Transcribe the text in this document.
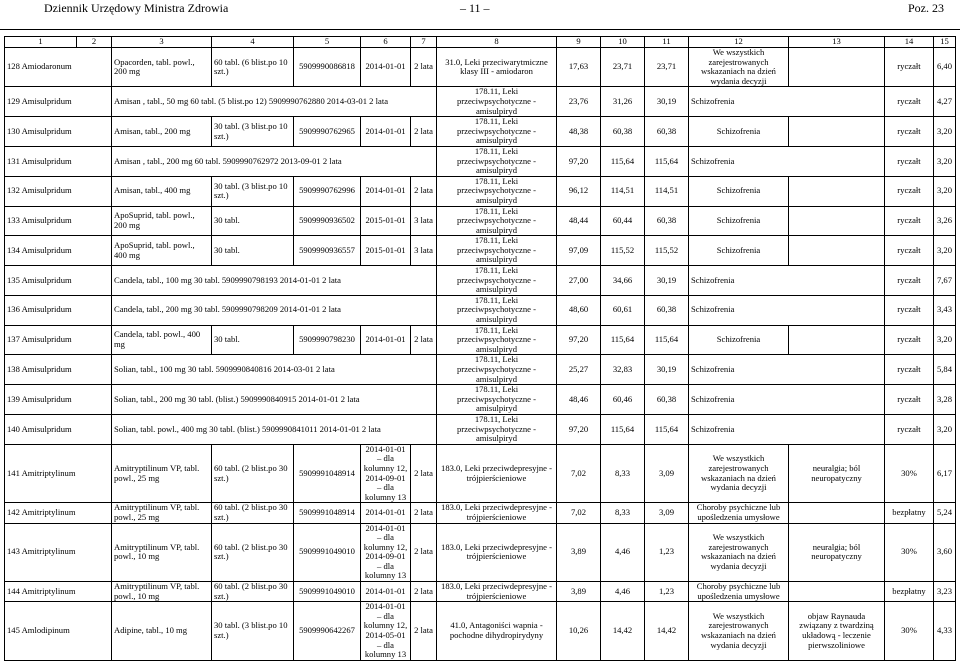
Dziennik Urzędowy Ministra Zdrowia	– 11 –	Poz. 23
1	2	3	4	5	6	7	8	9	10	11	12	13	14	15
128 Amiodaronum		Opacorden, tabl. powl., 200 mg	60 tabl. (6 blist.po 10 szt.)	5909990086818	2014-01-01	2 lata	31.0, Leki przeciwarytmiczne klasy III - amiodaron	17,63	23,71	23,71	We wszystkich zarejestrowanych wskazaniach na dzień wydania decyzji		ryczałt	6,40
129 Amisulpridum		Amisan , tabl., 50 mg 60 tabl. (5 blist.po 12) 5909990762880 2014-03-01 2 lata					178.11, Leki przeciwpsychotyczne - amisulpiryd	23,76	31,26	30,19	Schizofrenia		ryczałt	4,27
130 Amisulpridum		Amisan, tabl., 200 mg	30 tabl. (3 blist.po 10 szt.)	5909990762965	2014-01-01	2 lata	178.11, Leki przeciwpsychotyczne - amisulpiryd	48,38	60,38	60,38	Schizofrenia		ryczałt	3,20
131 Amisulpridum		Amisan , tabl., 200 mg 60 tabl. 5909990762972 2013-09-01 2 lata					178.11, Leki przeciwpsychotyczne - amisulpiryd	97,20	115,64	115,64	Schizofrenia		ryczałt	3,20
132 Amisulpridum		Amisan, tabl., 400 mg	30 tabl. (3 blist.po 10 szt.)	5909990762996	2014-01-01	2 lata	178.11, Leki przeciwpsychotyczne - amisulpiryd	96,12	114,51	114,51	Schizofrenia		ryczałt	3,20
133 Amisulpridum		ApoSuprid, tabl. powl., 200 mg	30 tabl.	5909990936502	2015-01-01	3 lata	178.11, Leki przeciwpsychotyczne - amisulpiryd	48,44	60,44	60,38	Schizofrenia		ryczałt	3,26
134 Amisulpridum		ApoSuprid, tabl. powl., 400 mg	30 tabl.	5909990936557	2015-01-01	3 lata	178.11, Leki przeciwpsychotyczne - amisulpiryd	97,09	115,52	115,52	Schizofrenia		ryczałt	3,20
135 Amisulpridum		Candela, tabl., 100 mg 30 tabl. 5909990798193 2014-01-01 2 lata					178.11, Leki przeciwpsychotyczne - amisulpiryd	27,00	34,66	30,19	Schizofrenia		ryczałt	7,67
136 Amisulpridum		Candela, tabl., 200 mg 30 tabl. 5909990798209 2014-01-01 2 lata					178.11, Leki przeciwpsychotyczne - amisulpiryd	48,60	60,61	60,38	Schizofrenia		ryczałt	3,43
137 Amisulpridum		Candela, tabl. powl., 400 mg	30 tabl.	5909990798230	2014-01-01	2 lata	178.11, Leki przeciwpsychotyczne - amisulpiryd	97,20	115,64	115,64	Schizofrenia		ryczałt	3,20
138 Amisulpridum		Solian, tabl., 100 mg 30 tabl. 5909990840816 2014-03-01 2 lata					178.11, Leki przeciwpsychotyczne - amisulpiryd	25,27	32,83	30,19	Schizofrenia		ryczałt	5,84
139 Amisulpridum		Solian, tabl., 200 mg 30 tabl. (blist.) 5909990840915 2014-01-01 2 lata					178.11, Leki przeciwpsychotyczne - amisulpiryd	48,46	60,46	60,38	Schizofrenia		ryczałt	3,28
140 Amisulpridum		Solian, tabl. powl., 400 mg 30 tabl. (blist.) 5909990841011 2014-01-01 2 lata					178.11, Leki przeciwpsychotyczne - amisulpiryd	97,20	115,64	115,64	Schizofrenia		ryczałt	3,20
141 Amitriptylinum		Amitryptilinum VP, tabl. powl., 25 mg	60 tabl. (2 blist.po 30 szt.)	5909991048914	2014-01-01 – dla kolumny 12, 2014-09-01 – dla kolumny 13	2 lata	183.0, Leki przeciwdepresyjne - trójpierścieniowe	7,02	8,33	3,09	We wszystkich zarejestrowanych wskazaniach na dzień wydania decyzji	neuralgia; ból neuropatyczny	30%	6,17
142 Amitriptylinum		Amitryptilinum VP, tabl. powl., 25 mg	60 tabl. (2 blist.po 30 szt.)	5909991048914	2014-01-01	2 lata	183.0, Leki przeciwdepresyjne - trójpierścieniowe	7,02	8,33	3,09	Choroby psychiczne lub upośledzenia umysłowe		bezpłatny	5,24
143 Amitriptylinum		Amitryptilinum VP, tabl. powl., 10 mg	60 tabl. (2 blist.po 30 szt.)	5909991049010	2014-01-01 – dla kolumny 12, 2014-09-01 – dla kolumny 13	2 lata	183.0, Leki przeciwdepresyjne - trójpierścieniowe	3,89	4,46	1,23	We wszystkich zarejestrowanych wskazaniach na dzień wydania decyzji	neuralgia; ból neuropatyczny	30%	3,60
144 Amitriptylinum		Amitryptilinum VP, tabl. powl., 10 mg	60 tabl. (2 blist.po 30 szt.)	5909991049010	2014-01-01	2 lata	183.0, Leki przeciwdepresyjne - trójpierścieniowe	3,89	4,46	1,23	Choroby psychiczne lub upośledzenia umysłowe		bezpłatny	3,23
145 Amlodipinum		Adipine, tabl., 10 mg	30 tabl. (3 blist.po 10 szt.)	5909990642267	2014-01-01 – dla kolumny 12, 2014-05-01 – dla kolumny 13	2 lata	41.0, Antagoniści wapnia - pochodne dihydropirydyny	10,26	14,42	14,42	We wszystkich zarejestrowanych wskazaniach na dzień wydania decyzji	objaw Raynauda związany z twardziną układową - leczenie pierwszoliniowe	30%	4,33
